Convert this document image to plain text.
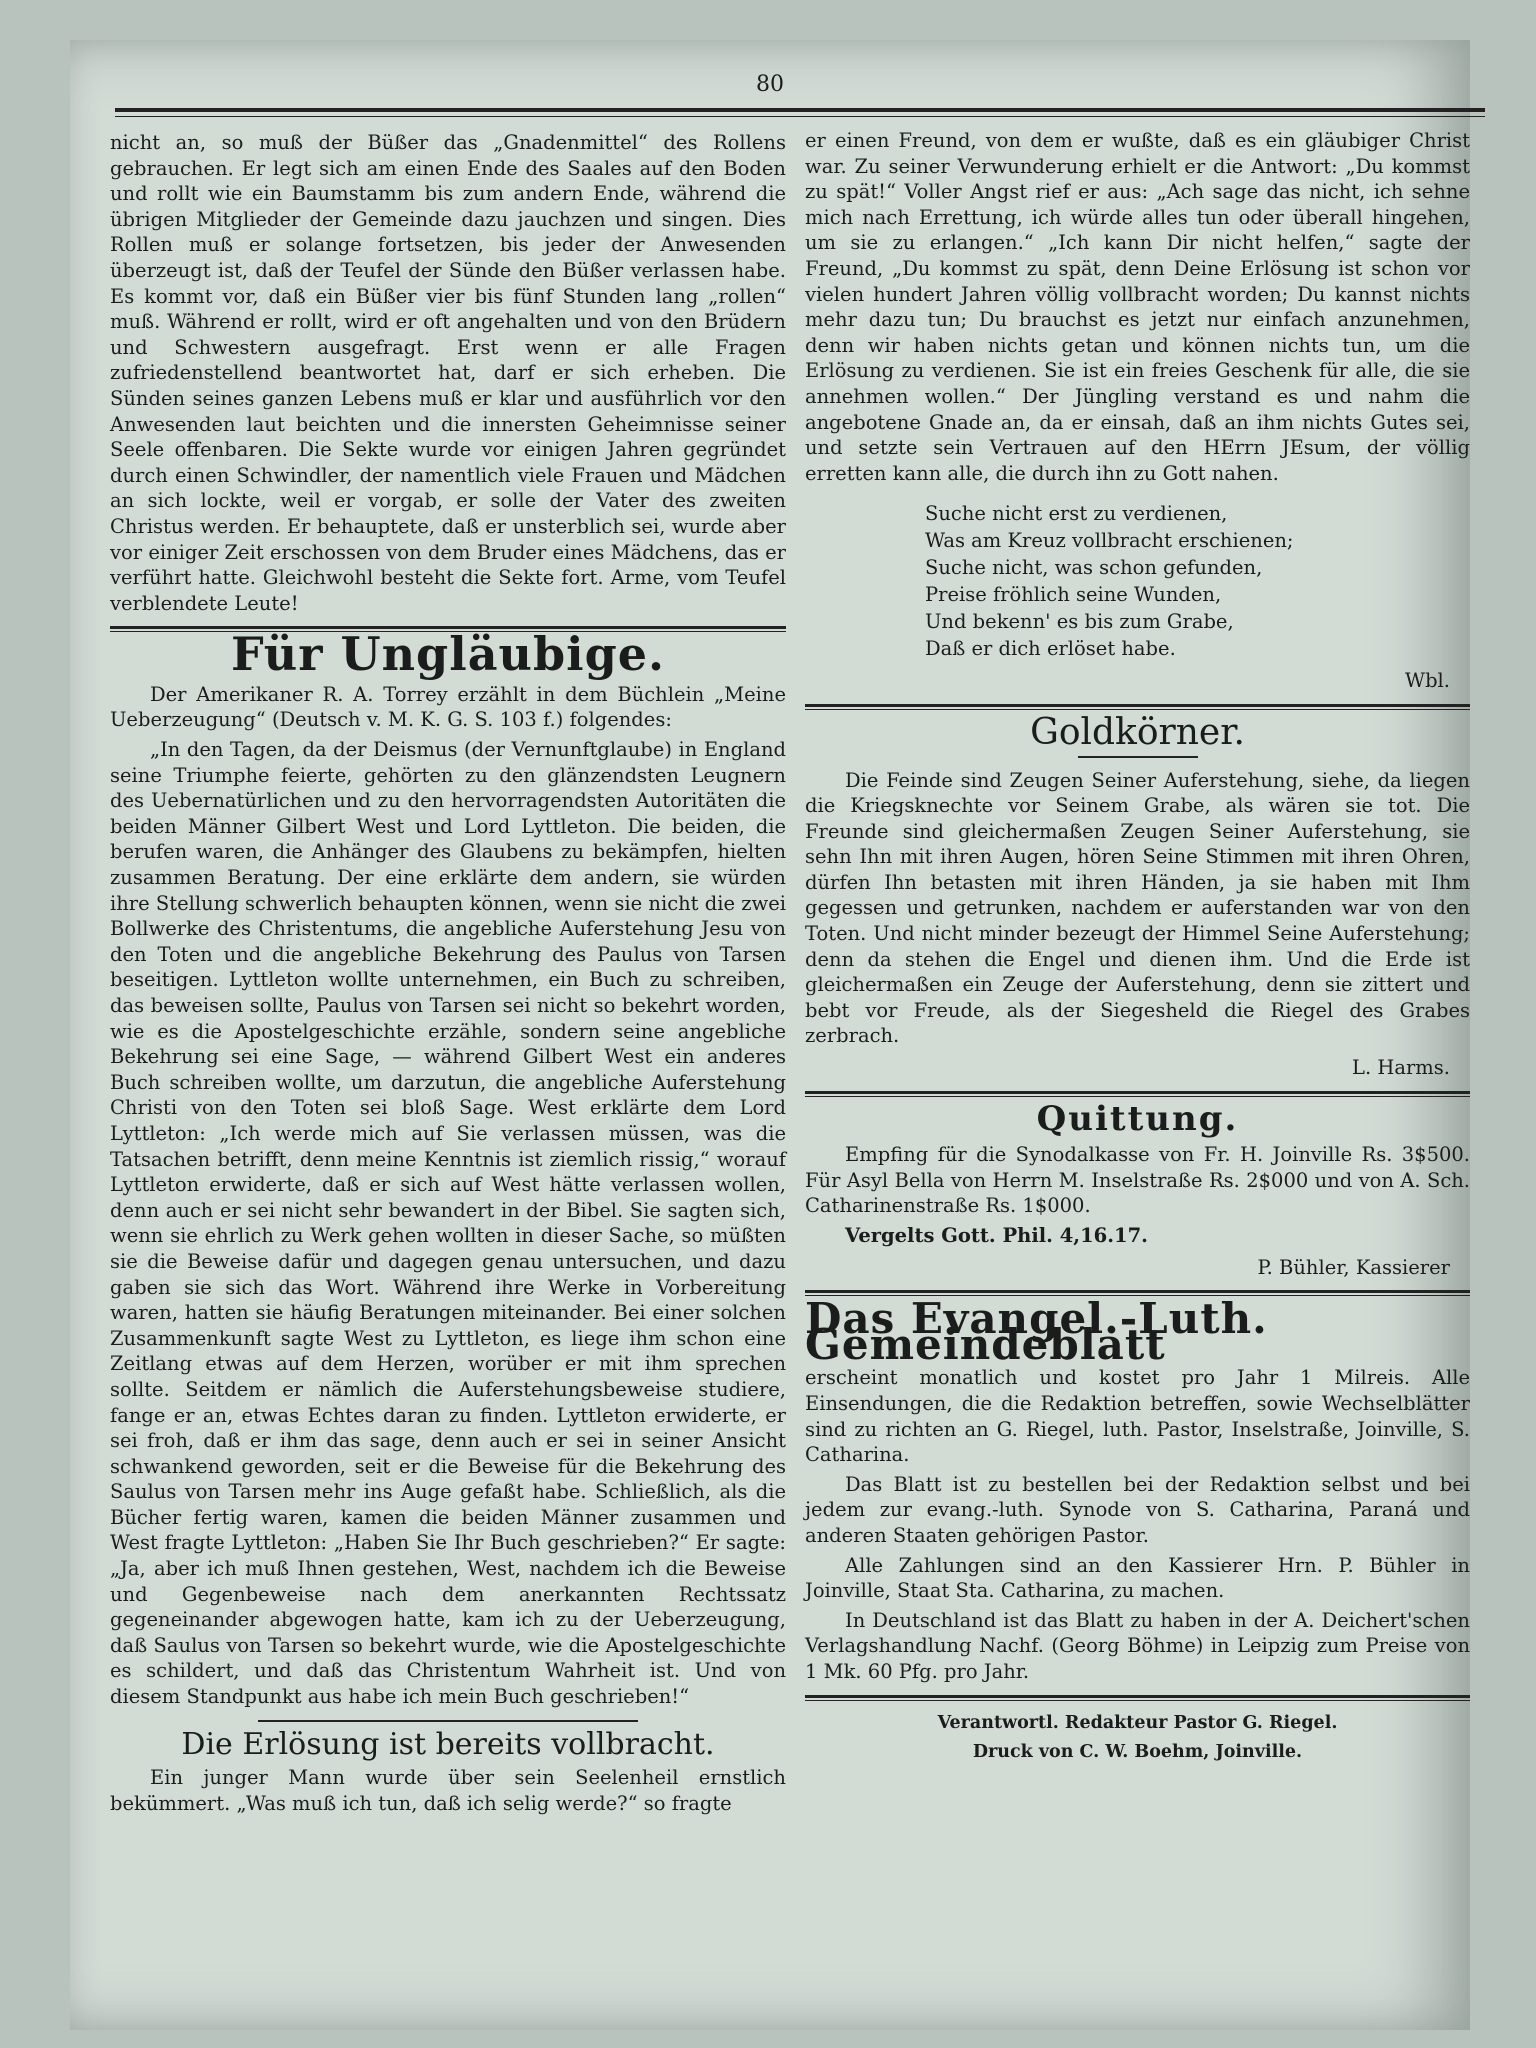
80

nicht an, so muß der Büßer das „Gnadenmittel“ des Rollens gebrauchen. Er legt sich am einen Ende des Saales auf den Boden und rollt wie ein Baumstamm bis zum andern Ende, während die übrigen Mitglieder der Gemeinde dazu jauchzen und singen. Dies Rollen muß er solange fortsetzen, bis jeder der Anwesenden überzeugt ist, daß der Teufel der Sünde den Büßer verlassen habe. Es kommt vor, daß ein Büßer vier bis fünf Stunden lang „rollen“ muß. Während er rollt, wird er oft angehalten und von den Brüdern und Schwestern ausgefragt. Erst wenn er alle Fragen zufriedenstellend beantwortet hat, darf er sich erheben. Die Sünden seines ganzen Lebens muß er klar und ausführlich vor den Anwesenden laut beichten und die innersten Geheimnisse seiner Seele offenbaren. Die Sekte wurde vor einigen Jahren gegründet durch einen Schwindler, der namentlich viele Frauen und Mädchen an sich lockte, weil er vorgab, er solle der Vater des zweiten Christus werden. Er behauptete, daß er unsterblich sei, wurde aber vor einiger Zeit erschossen von dem Bruder eines Mädchens, das er verführt hatte. Gleichwohl besteht die Sekte fort. Arme, vom Teufel verblendete Leute!

Für Ungläubige.

Der Amerikaner R. A. Torrey erzählt in dem Büchlein „Meine Ueberzeugung“ (Deutsch v. M. K. G. S. 103 f.) folgendes:

„In den Tagen, da der Deismus (der Vernunftglaube) in England seine Triumphe feierte, gehörten zu den glänzendsten Leugnern des Uebernatürlichen und zu den hervorragendsten Autoritäten die beiden Männer Gilbert West und Lord Lyttleton. Die beiden, die berufen waren, die Anhänger des Glaubens zu bekämpfen, hielten zusammen Beratung. Der eine erklärte dem andern, sie würden ihre Stellung schwerlich behaupten können, wenn sie nicht die zwei Bollwerke des Christentums, die angebliche Auferstehung Jesu von den Toten und die angebliche Bekehrung des Paulus von Tarsen beseitigen. Lyttleton wollte unternehmen, ein Buch zu schreiben, das beweisen sollte, Paulus von Tarsen sei nicht so bekehrt worden, wie es die Apostelgeschichte erzähle, sondern seine angebliche Bekehrung sei eine Sage, — während Gilbert West ein anderes Buch schreiben wollte, um darzutun, die angebliche Auferstehung Christi von den Toten sei bloß Sage. West erklärte dem Lord Lyttleton: „Ich werde mich auf Sie verlassen müssen, was die Tatsachen betrifft, denn meine Kenntnis ist ziemlich rissig,“ worauf Lyttleton erwiderte, daß er sich auf West hätte verlassen wollen, denn auch er sei nicht sehr bewandert in der Bibel. Sie sagten sich, wenn sie ehrlich zu Werk gehen wollten in dieser Sache, so müßten sie die Beweise dafür und dagegen genau untersuchen, und dazu gaben sie sich das Wort. Während ihre Werke in Vorbereitung waren, hatten sie häufig Beratungen miteinander. Bei einer solchen Zusammenkunft sagte West zu Lyttleton, es liege ihm schon eine Zeitlang etwas auf dem Herzen, worüber er mit ihm sprechen sollte. Seitdem er nämlich die Auferstehungsbeweise studiere, fange er an, etwas Echtes daran zu finden. Lyttleton erwiderte, er sei froh, daß er ihm das sage, denn auch er sei in seiner Ansicht schwankend geworden, seit er die Beweise für die Bekehrung des Saulus von Tarsen mehr ins Auge gefaßt habe. Schließlich, als die Bücher fertig waren, kamen die beiden Männer zusammen und West fragte Lyttleton: „Haben Sie Ihr Buch geschrieben?“ Er sagte: „Ja, aber ich muß Ihnen gestehen, West, nachdem ich die Beweise und Gegenbeweise nach dem anerkannten Rechtssatz gegeneinander abgewogen hatte, kam ich zu der Ueberzeugung, daß Saulus von Tarsen so bekehrt wurde, wie die Apostelgeschichte es schildert, und daß das Christentum Wahrheit ist. Und von diesem Standpunkt aus habe ich mein Buch geschrieben!“

Die Erlösung ist bereits vollbracht.

Ein junger Mann wurde über sein Seelenheil ernstlich bekümmert. „Was muß ich tun, daß ich selig werde?“ so fragte

er einen Freund, von dem er wußte, daß es ein gläubiger Christ war. Zu seiner Verwunderung erhielt er die Antwort: „Du kommst zu spät!“ Voller Angst rief er aus: „Ach sage das nicht, ich sehne mich nach Errettung, ich würde alles tun oder überall hingehen, um sie zu erlangen.“ „Ich kann Dir nicht helfen,“ sagte der Freund, „Du kommst zu spät, denn Deine Erlösung ist schon vor vielen hundert Jahren völlig vollbracht worden; Du kannst nichts mehr dazu tun; Du brauchst es jetzt nur einfach anzunehmen, denn wir haben nichts getan und können nichts tun, um die Erlösung zu verdienen. Sie ist ein freies Geschenk für alle, die sie annehmen wollen.“ Der Jüngling verstand es und nahm die angebotene Gnade an, da er einsah, daß an ihm nichts Gutes sei, und setzte sein Vertrauen auf den HErrn JEsum, der völlig erretten kann alle, die durch ihn zu Gott nahen.

Suche nicht erst zu verdienen,
Was am Kreuz vollbracht erschienen;
Suche nicht, was schon gefunden,
Preise fröhlich seine Wunden,
Und bekenn' es bis zum Grabe,
Daß er dich erlöset habe.
Wbl.
Goldkörner.

Die Feinde sind Zeugen Seiner Auferstehung, siehe, da liegen die Kriegsknechte vor Seinem Grabe, als wären sie tot. Die Freunde sind gleichermaßen Zeugen Seiner Auferstehung, sie sehn Ihn mit ihren Augen, hören Seine Stimmen mit ihren Ohren, dürfen Ihn betasten mit ihren Händen, ja sie haben mit Ihm gegessen und getrunken, nachdem er auferstanden war von den Toten. Und nicht minder bezeugt der Himmel Seine Auferstehung; denn da stehen die Engel und dienen ihm. Und die Erde ist gleichermaßen ein Zeuge der Auferstehung, denn sie zittert und bebt vor Freude, als der Siegesheld die Riegel des Grabes zerbrach.

L. Harms.
Quittung.

Empfing für die Synodalkasse von Fr. H. Joinville Rs. 3$500. Für Asyl Bella von Herrn M. Inselstraße Rs. 2$000 und von A. Sch. Catharinenstraße Rs. 1$000.

Vergelts Gott. Phil. 4,16.17.

P. Bühler, Kassierer
Das Evangel.-Luth. Gemeindeblatt

erscheint monatlich und kostet pro Jahr 1 Milreis. Alle Einsendungen, die die Redaktion betreffen, sowie Wechselblätter sind zu richten an G. Riegel, luth. Pastor, Inselstraße, Joinville, S. Catharina.

Das Blatt ist zu bestellen bei der Redaktion selbst und bei jedem zur evang.-luth. Synode von S. Catharina, Paraná und anderen Staaten gehörigen Pastor.

Alle Zahlungen sind an den Kassierer Hrn. P. Bühler in Joinville, Staat Sta. Catharina, zu machen.

In Deutschland ist das Blatt zu haben in der A. Deichert'schen Verlagshandlung Nachf. (Georg Böhme) in Leipzig zum Preise von 1 Mk. 60 Pfg. pro Jahr.

Verantwortl. Redakteur Pastor G. Riegel.
Druck von C. W. Boehm, Joinville.
